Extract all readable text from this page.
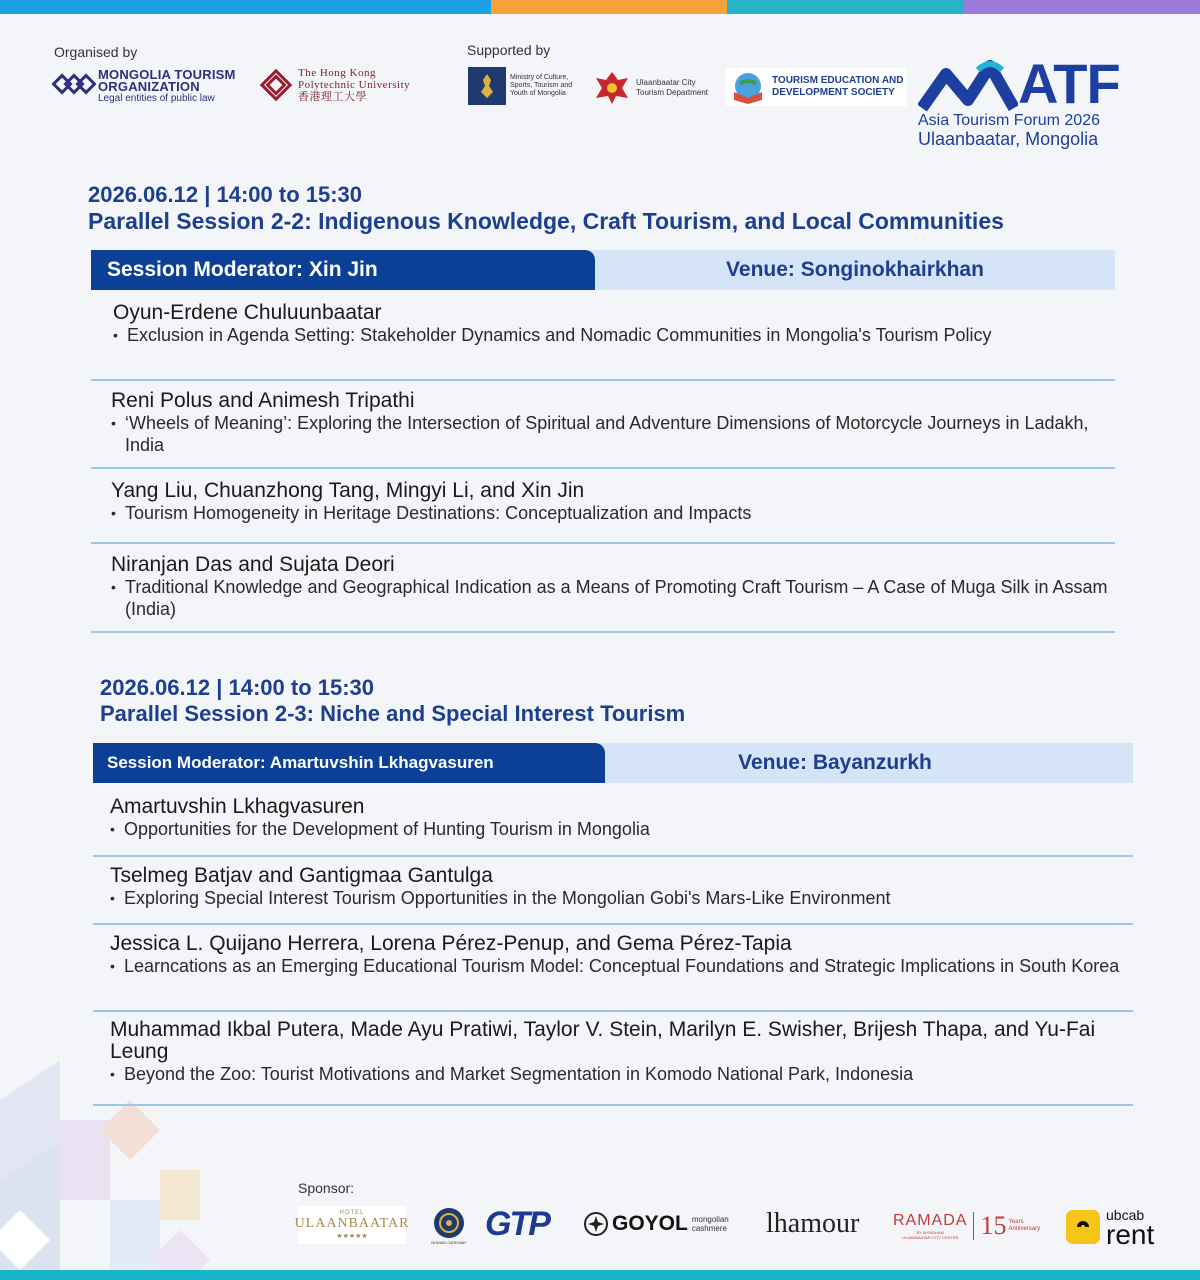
Organised by	Supported by
MONGOLIA TOURISM
ORGANIZATION
Legal entities of public law
The Hong Kong
Polytechnic University
香港理工大學
Ministry of Culture, Sports, Tourism and Youth of Mongolia
Ulaanbaatar City Tourism Department
TOURISM EDUCATION AND
DEVELOPMENT SOCIETY ATF
Asia Tourism Forum 2026
Ulaanbaatar, Mongolia
2026.06.12 | 14:00 to 15:30
Parallel Session 2-2: Indigenous Knowledge, Craft Tourism, and Local Communities
Session Moderator: Xin Jin	Venue: Songinokhairkhan
Oyun-Erdene Chuluunbaatar
• Exclusion in Agenda Setting: Stakeholder Dynamics and Nomadic Communities in Mongolia's Tourism Policy
Reni Polus and Animesh Tripathi
• ‘Wheels of Meaning’: Exploring the Intersection of Spiritual and Adventure Dimensions of Motorcycle Journeys in Ladakh, India
Yang Liu, Chuanzhong Tang, Mingyi Li, and Xin Jin
• Tourism Homogeneity in Heritage Destinations: Conceptualization and Impacts
Niranjan Das and Sujata Deori
• Traditional Knowledge and Geographical Indication as a Means of Promoting Craft Tourism – A Case of Muga Silk in Assam (India)
2026.06.12 | 14:00 to 15:30
Parallel Session 2-3: Niche and Special Interest Tourism
Session Moderator: Amartuvshin Lkhagvasuren	Venue: Bayanzurkh
Amartuvshin Lkhagvasuren
• Opportunities for the Development of Hunting Tourism in Mongolia
Tselmeg Batjav and Gantigmaa Gantulga
• Exploring Special Interest Tourism Opportunities in the Mongolian Gobi's Mars-Like Environment
Jessica L. Quijano Herrera, Lorena Pérez-Penup, and Gema Pérez-Tapia
• Learncations as an Emerging Educational Tourism Model: Conceptual Foundations and Strategic Implications in South Korea
Muhammad Ikbal Putera, Made Ayu Pratiwi, Taylor V. Stein, Marilyn E. Swisher, Brijesh Thapa, and Yu-Fai Leung
• Beyond the Zoo: Tourist Motivations and Market Segmentation in Komodo National Park, Indonesia
Sponsor:
HOTEL
ULAANBAATAR
★★★★★
NOMAD GATEWAY GTP	GOYOL mongolian cashmere	lhamour RAMADA
BY WYNDHAM
ULAANBAATAR CITY CENTER 15 Years Anniversary
ubcab
rent
